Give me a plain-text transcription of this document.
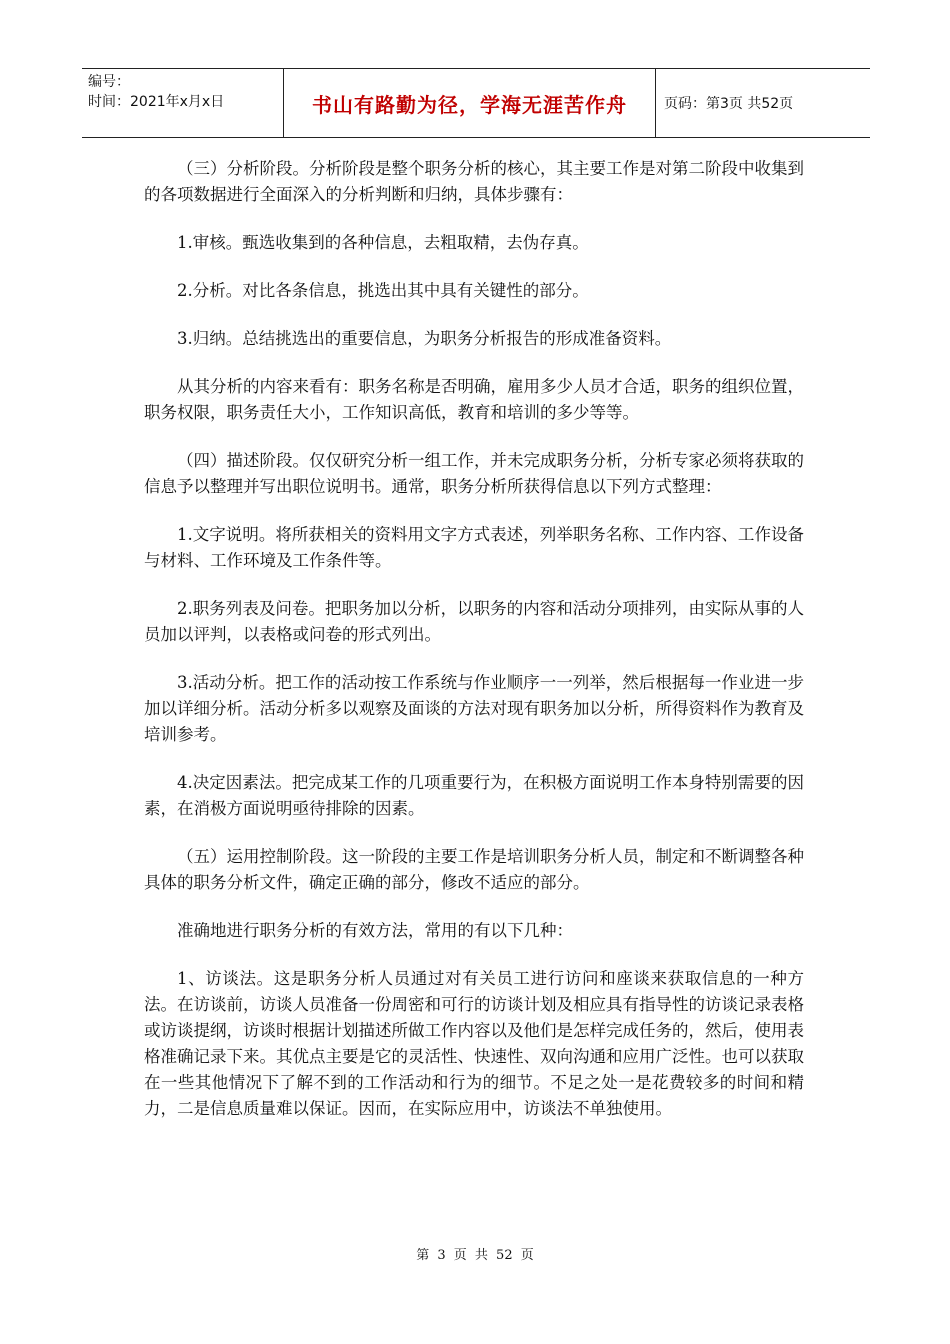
编号：
时间：2021年x月x日	书山有路勤为径，学海无涯苦作舟	页码：第3页 共52页

（三）分析阶段。分析阶段是整个职务分析的核心，其主要工作是对第二阶段中收集到的各项数据进行全面深入的分析判断和归纳，具体步骤有：

1.审核。甄选收集到的各种信息，去粗取精，去伪存真。

2.分析。对比各条信息，挑选出其中具有关键性的部分。

3.归纳。总结挑选出的重要信息，为职务分析报告的形成准备资料。

从其分析的内容来看有：职务名称是否明确，雇用多少人员才合适，职务的组织位置，职务权限，职务责任大小，工作知识高低，教育和培训的多少等等。

（四）描述阶段。仅仅研究分析一组工作，并未完成职务分析，分析专家必须将获取的信息予以整理并写出职位说明书。通常，职务分析所获得信息以下列方式整理：

1.文字说明。将所获相关的资料用文字方式表述，列举职务名称、工作内容、工作设备与材料、工作环境及工作条件等。

2.职务列表及问卷。把职务加以分析，以职务的内容和活动分项排列，由实际从事的人员加以评判，以表格或问卷的形式列出。

3.活动分析。把工作的活动按工作系统与作业顺序一一列举，然后根据每一作业进一步加以详细分析。活动分析多以观察及面谈的方法对现有职务加以分析，所得资料作为教育及培训参考。

4.决定因素法。把完成某工作的几项重要行为，在积极方面说明工作本身特别需要的因素，在消极方面说明亟待排除的因素。

（五）运用控制阶段。这一阶段的主要工作是培训职务分析人员，制定和不断调整各种具体的职务分析文件，确定正确的部分，修改不适应的部分。

准确地进行职务分析的有效方法，常用的有以下几种：

1、访谈法。这是职务分析人员通过对有关员工进行访问和座谈来获取信息的一种方法。在访谈前，访谈人员准备一份周密和可行的访谈计划及相应具有指导性的访谈记录表格或访谈提纲，访谈时根据计划描述所做工作内容以及他们是怎样完成任务的，然后，使用表格准确记录下来。其优点主要是它的灵活性、快速性、双向沟通和应用广泛性。也可以获取在一些其他情况下了解不到的工作活动和行为的细节。不足之处一是花费较多的时间和精力，二是信息质量难以保证。因而，在实际应用中，访谈法不单独使用。

第 3 页 共 52 页
